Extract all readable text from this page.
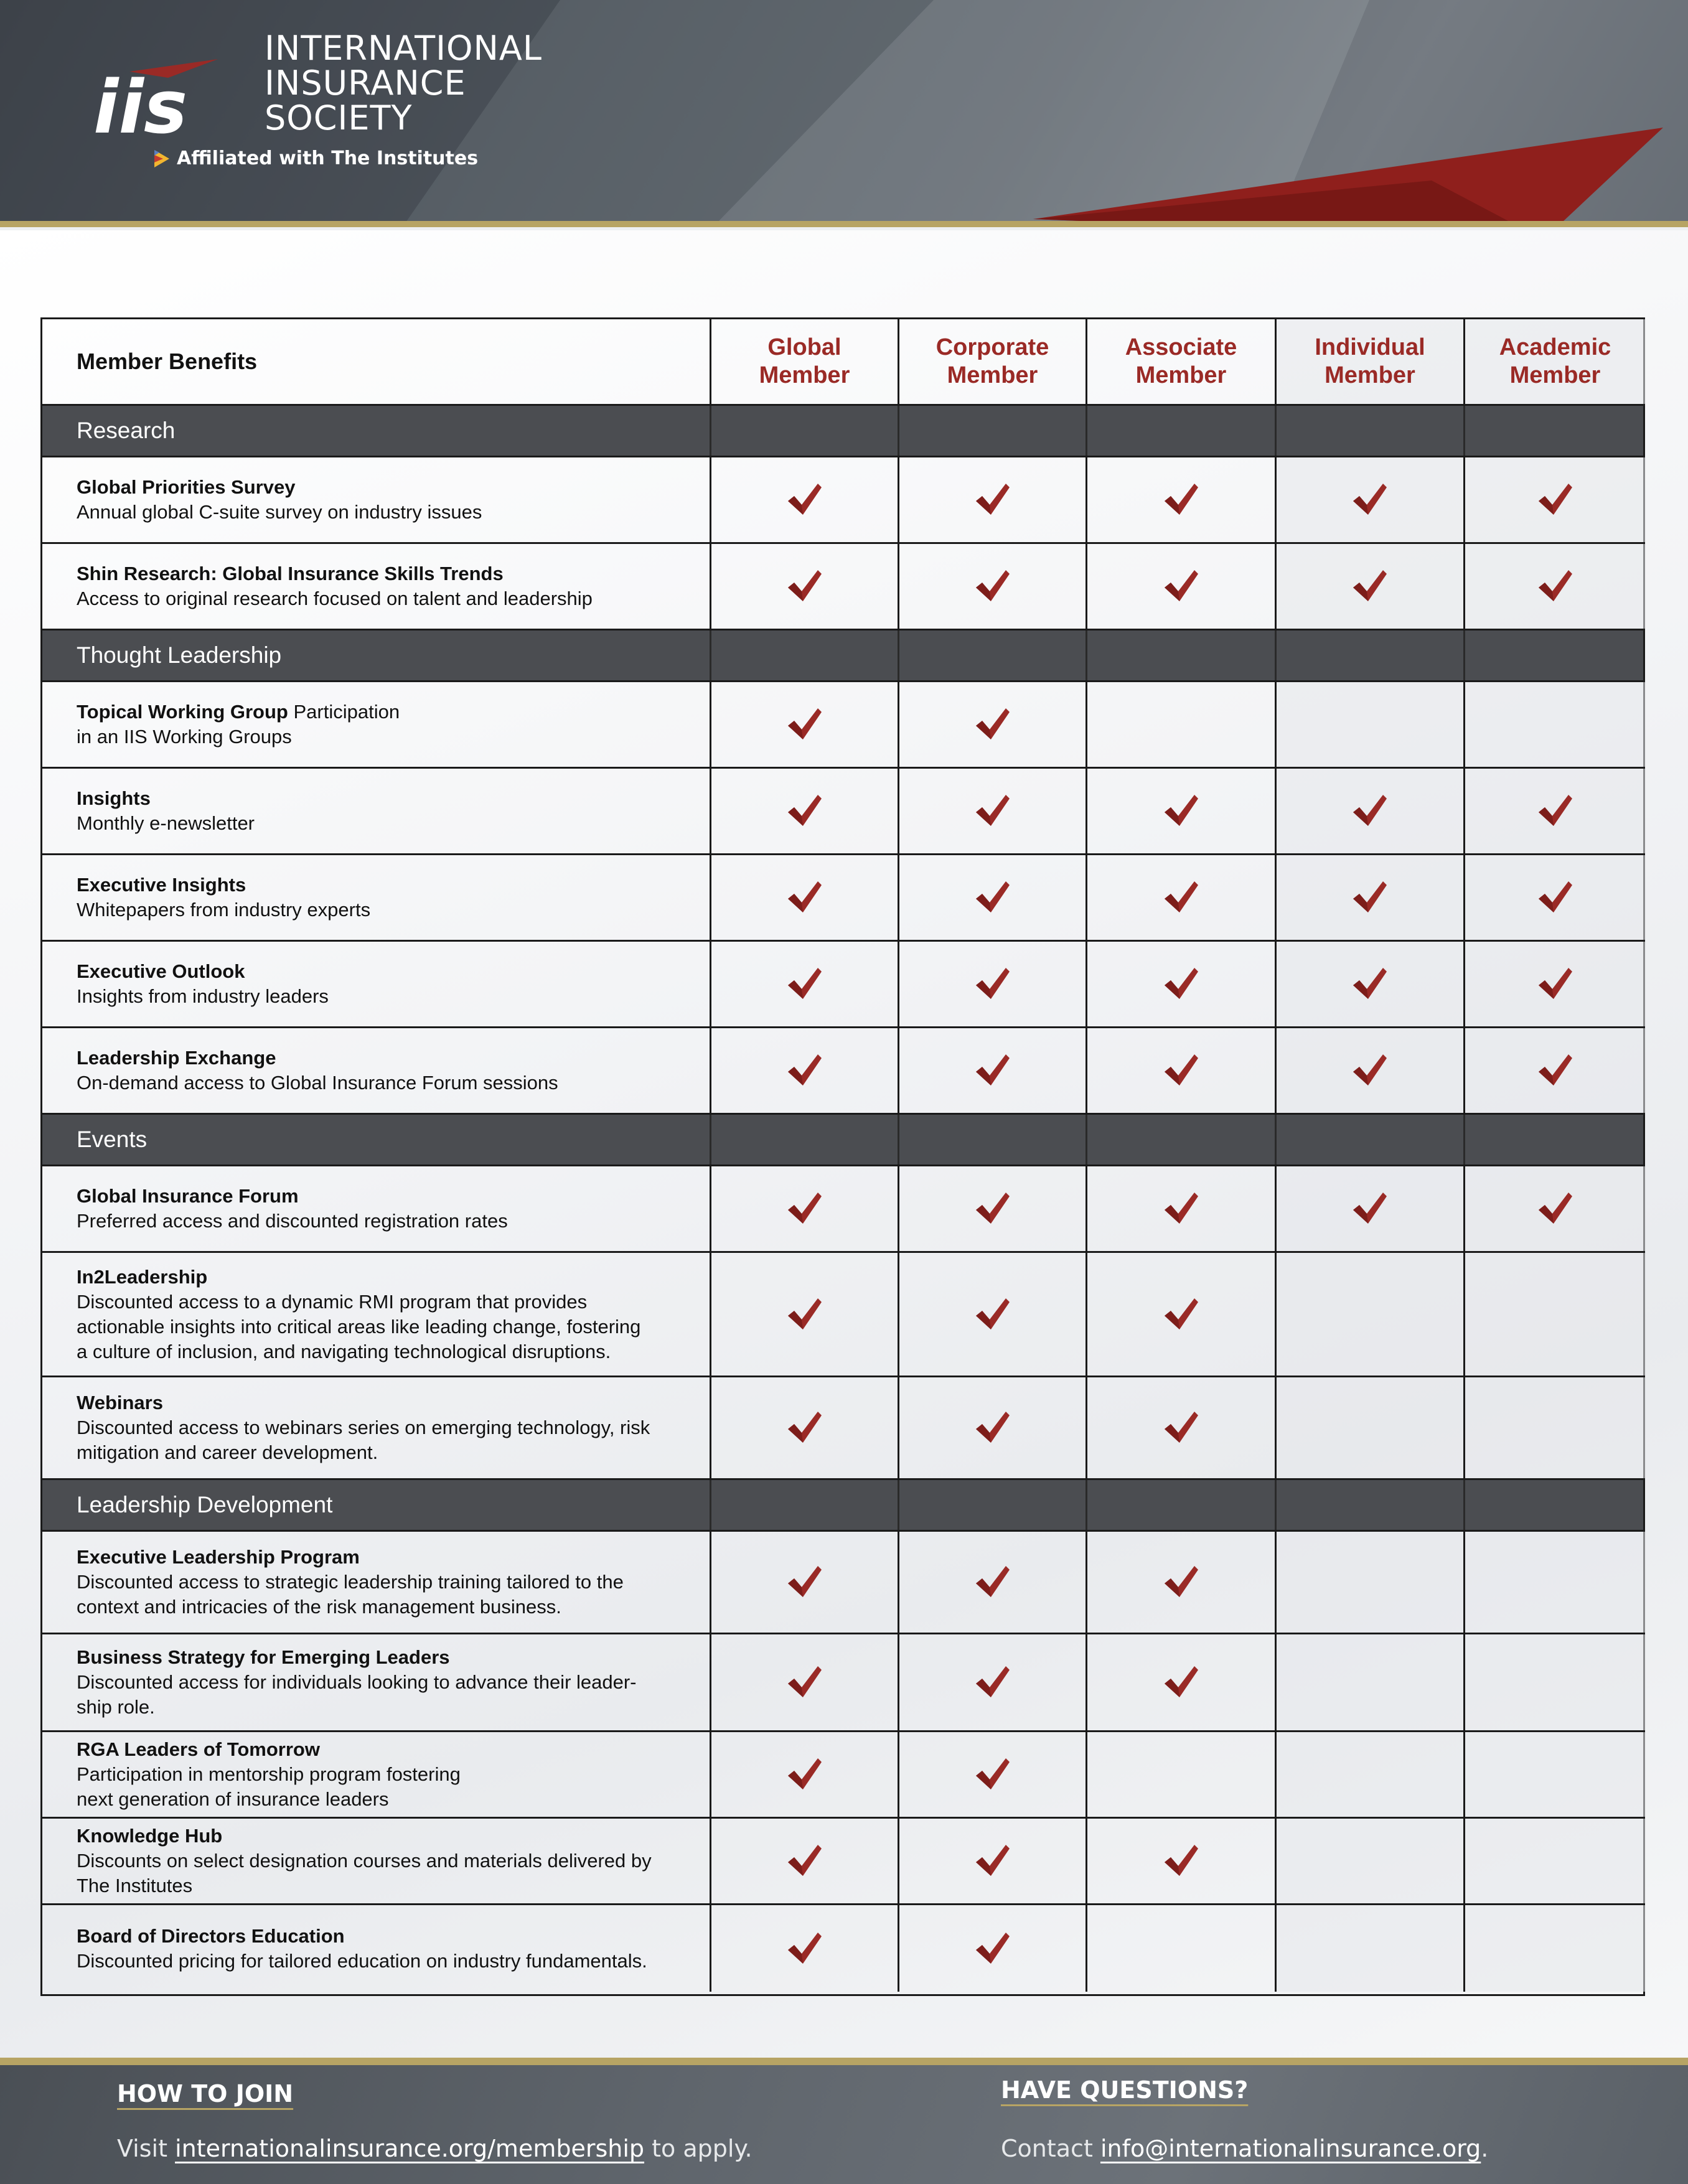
iis
INTERNATIONAL
INSURANCE
SOCIETY
Affiliated with The Institutes
Member Benefits
Global
Member
Corporate
Member
Associate
Member
Individual
Member
Academic
Member
Research
Global Priorities Survey
Annual global C-suite survey on industry issues
Shin Research: Global Insurance Skills Trends
Access to original research focused on talent and leadership
Thought Leadership
Topical Working Group Participation
in an IIS Working Groups
Insights
Monthly e-newsletter
Executive Insights
Whitepapers from industry experts
Executive Outlook
Insights from industry leaders
Leadership Exchange
On-demand access to Global Insurance Forum sessions
Events
Global Insurance Forum
Preferred access and discounted registration rates
In2Leadership
Discounted access to a dynamic RMI program that provides
actionable insights into critical areas like leading change, fostering
a culture of inclusion, and navigating technological disruptions.
Webinars
Discounted access to webinars series on emerging technology, risk
mitigation and career development.
Leadership Development
Executive Leadership Program
Discounted access to strategic leadership training tailored to the
context and intricacies of the risk management business.
Business Strategy for Emerging Leaders
Discounted access for individuals looking to advance their leader-
ship role.
RGA Leaders of Tomorrow
Participation in mentorship program fostering
next generation of insurance leaders
Knowledge Hub
Discounts on select designation courses and materials delivered by
The Institutes
Board of Directors Education
Discounted pricing for tailored education on industry fundamentals.
HOW TO JOIN
Visit internationalinsurance.org/membership to apply.
HAVE QUESTIONS?
Contact info@internationalinsurance.org.
